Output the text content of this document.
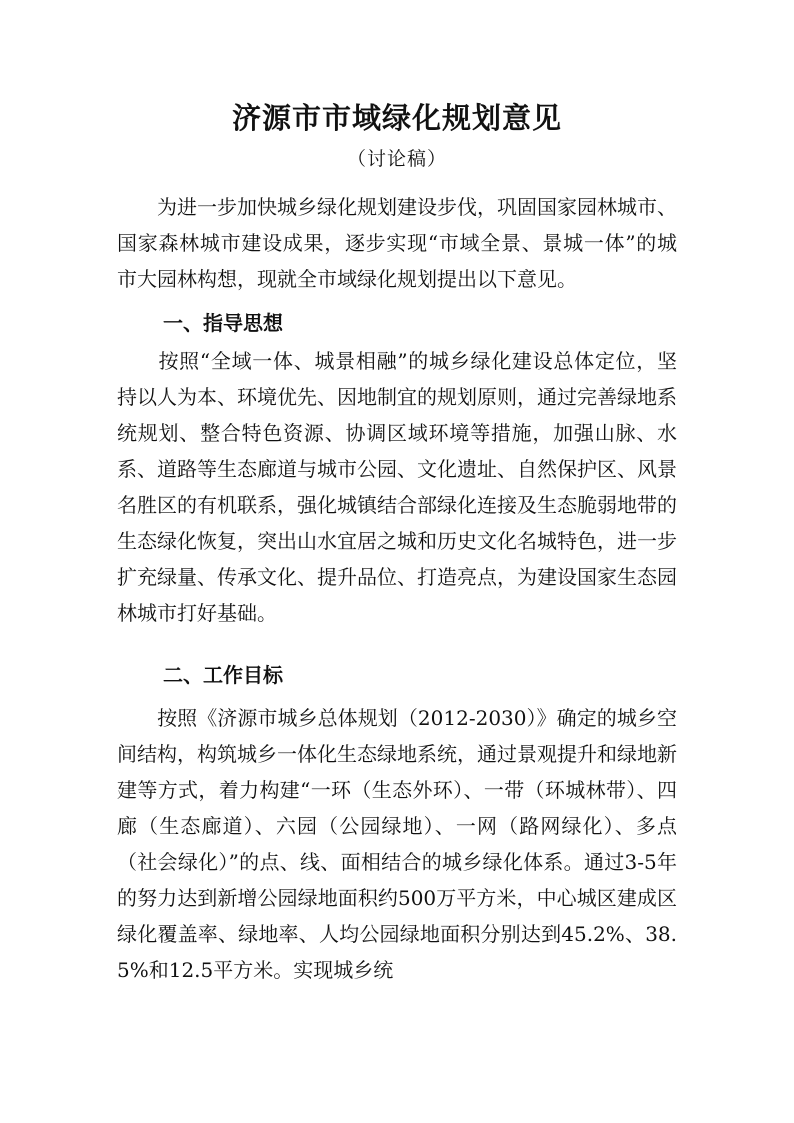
济源市市域绿化规划意见
（讨论稿）
　　为进一步加快城乡绿化规划建设步伐，巩固国家园林城市、国家森林城市建设成果，逐步实现“市域全景、景城一体”的城市大园林构想，现就全市域绿化规划提出以下意见。
一、指导思想
　　按照“全域一体、城景相融”的城乡绿化建设总体定位，坚持以人为本、环境优先、因地制宜的规划原则，通过完善绿地系统规划、整合特色资源、协调区域环境等措施，加强山脉、水系、道路等生态廊道与城市公园、文化遗址、自然保护区、风景名胜区的有机联系，强化城镇结合部绿化连接及生态脆弱地带的生态绿化恢复，突出山水宜居之城和历史文化名城特色，进一步扩充绿量、传承文化、提升品位、打造亮点，为建设国家生态园林城市打好基础。
二、工作目标
　　按照《济源市城乡总体规划（2012-2030）》确定的城乡空间结构，构筑城乡一体化生态绿地系统，通过景观提升和绿地新建等方式，着力构建“一环（生态外环）、一带（环城林带）、四廊（生态廊道）、六园（公园绿地）、一网（路网绿化）、多点（社会绿化）”的点、线、面相结合的城乡绿化体系。通过3-5年的努力达到新增公园绿地面积约500万平方米，中心城区建成区绿化覆盖率、绿地率、人均公园绿地面积分别达到45.2%、38.5%和12.5平方米。实现城乡统
